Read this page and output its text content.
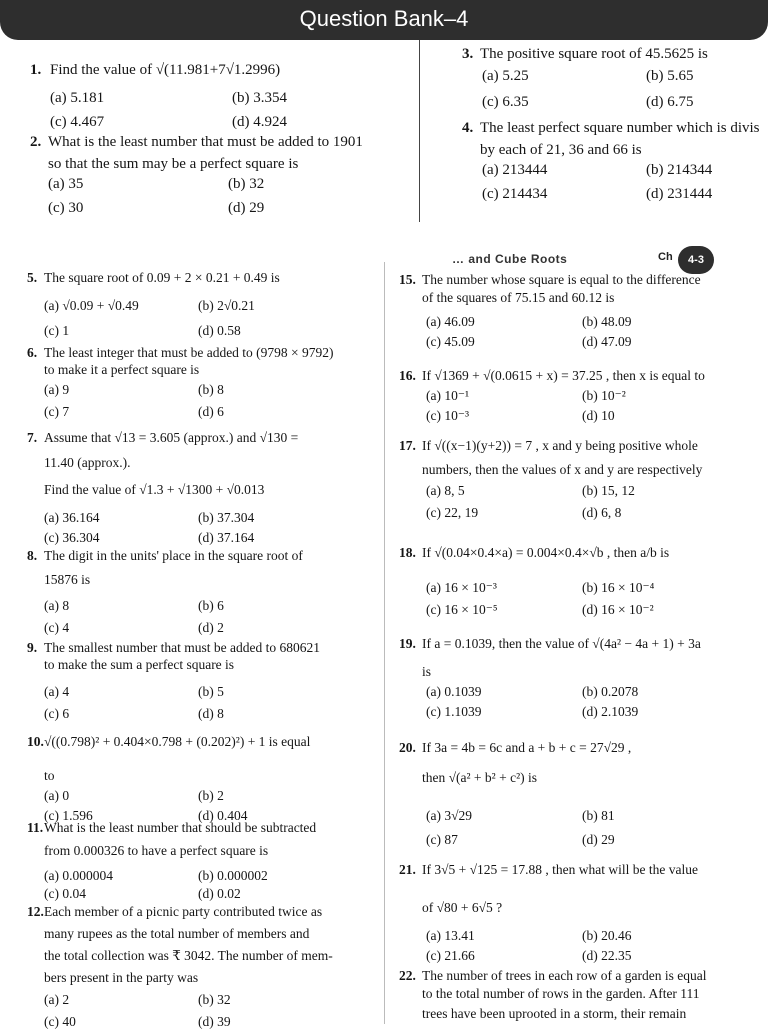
Question Bank–4
… and Cube Roots	Ch	4-3
1. Find the value of √(11.981+7√1.2996)
(a) 5.181	(b) 3.354
(c) 4.467	(d) 4.924
2. What is the least number that must be added to 1901
so that the sum may be a perfect square is
(a) 35	(b) 32
(c) 30	(d) 29
3. The positive square root of 45.5625 is
(a) 5.25	(b) 5.65
(c) 6.35	(d) 6.75
4. The least perfect square number which is divis
by each of 21, 36 and 66 is
(a) 213444	(b) 214344
(c) 214434	(d) 231444
5. The square root of 0.09 + 2 × 0.21 + 0.49 is
(a) √0.09 + √0.49	(b) 2√0.21
(c) 1	(d) 0.58
6. The least integer that must be added to (9798 × 9792)
to make it a perfect square is
(a) 9	(b) 8
(c) 7	(d) 6
7. Assume that √13 = 3.605 (approx.) and √130 =
11.40 (approx.).
Find the value of √1.3 + √1300 + √0.013
(a) 36.164	(b) 37.304
(c) 36.304	(d) 37.164
8. The digit in the units' place in the square root of
15876 is
(a) 8	(b) 6
(c) 4	(d) 2
9. The smallest number that must be added to 680621
to make the sum a perfect square is
(a) 4	(b) 5
(c) 6	(d) 8
10. √((0.798)² + 0.404×0.798 + (0.202)²) + 1 is equal
to
(a) 0	(b) 2
(c) 1.596	(d) 0.404
11. What is the least number that should be subtracted
from 0.000326 to have a perfect square is
(a) 0.000004	(b) 0.000002
(c) 0.04	(d) 0.02
12. Each member of a picnic party contributed twice as
many rupees as the total number of members and
the total collection was ₹ 3042. The number of mem-
bers present in the party was
(a) 2	(b) 32
(c) 40	(d) 39
15. The number whose square is equal to the difference
of the squares of 75.15 and 60.12 is
(a) 46.09	(b) 48.09
(c) 45.09	(d) 47.09
16. If √1369 + √(0.0615 + x) = 37.25 , then x is equal to
(a) 10⁻¹	(b) 10⁻²
(c) 10⁻³	(d) 10
17. If √((x−1)(y+2)) = 7 , x and y being positive whole
numbers, then the values of x and y are respectively
(a) 8, 5	(b) 15, 12
(c) 22, 19	(d) 6, 8
18. If √(0.04×0.4×a) = 0.004×0.4×√b , then a/b is
(a) 16 × 10⁻³	(b) 16 × 10⁻⁴
(c) 16 × 10⁻⁵	(d) 16 × 10⁻²
19. If a = 0.1039, then the value of √(4a² − 4a + 1) + 3a
is
(a) 0.1039	(b) 0.2078
(c) 1.1039	(d) 2.1039
20. If 3a = 4b = 6c and a + b + c = 27√29 ,
then √(a² + b² + c²) is
(a) 3√29	(b) 81
(c) 87	(d) 29
21. If 3√5 + √125 = 17.88 , then what will be the value
of √80 + 6√5 ?
(a) 13.41	(b) 20.46
(c) 21.66	(d) 22.35
22. The number of trees in each row of a garden is equal
to the total number of rows in the garden. After 111
trees have been uprooted in a storm, their remain
